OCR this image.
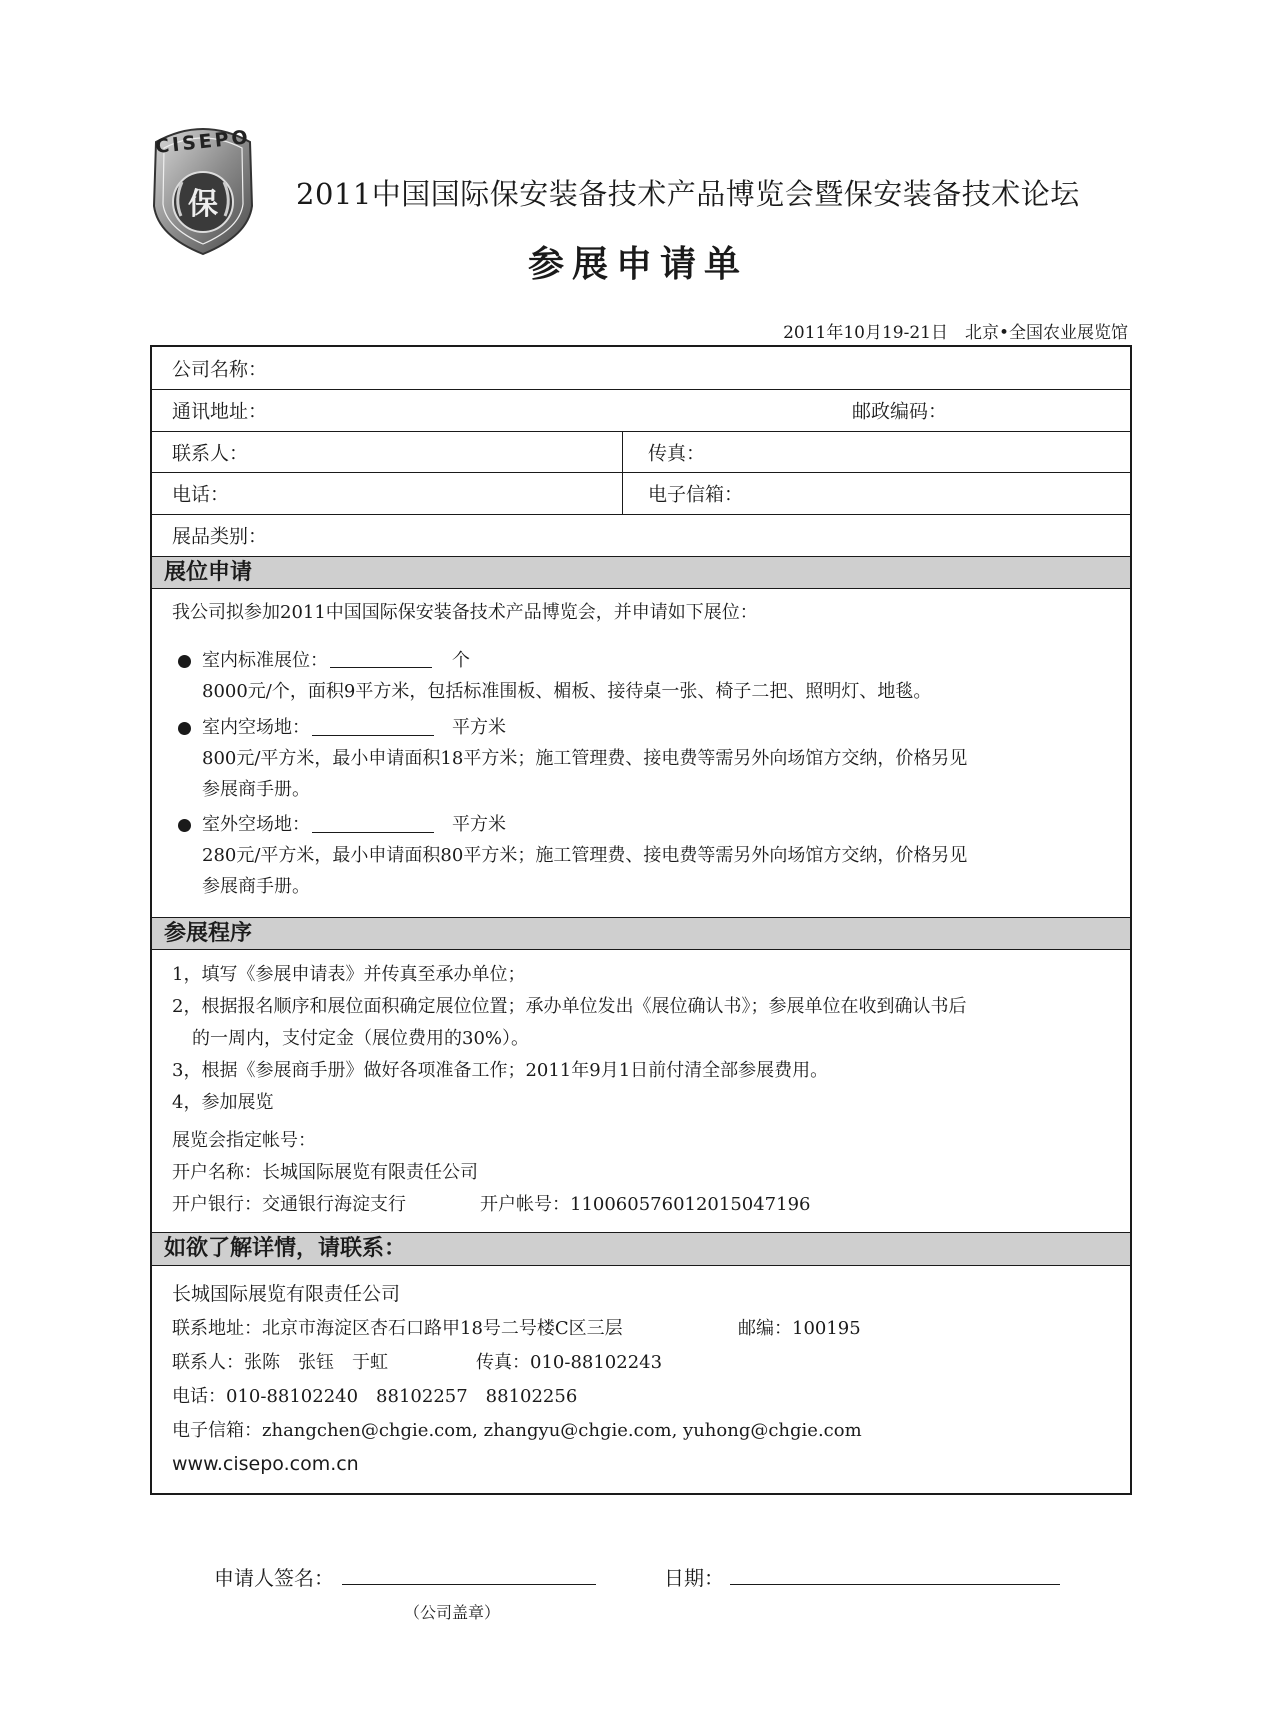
保
CISEPO
2011中国国际保安装备技术产品博览会暨保安装备技术论坛
参展申请单
2011年10月19-21日　北京•全国农业展览馆
公司名称：
通讯地址：	邮政编码：
联系人：	传真：
电话：	电子信箱：
展品类别：
展位申请
我公司拟参加2011中国国际保安装备技术产品博览会，并申请如下展位：
室内标准展位：	个
8000元/个，面积9平方米，包括标准围板、楣板、接待桌一张、椅子二把、照明灯、地毯。
室内空场地：	平方米
800元/平方米，最小申请面积18平方米；施工管理费、接电费等需另外向场馆方交纳，价格另见
参展商手册。
室外空场地：	平方米
280元/平方米，最小申请面积80平方米；施工管理费、接电费等需另外向场馆方交纳，价格另见
参展商手册。
参展程序
1，填写《参展申请表》并传真至承办单位；
2，根据报名顺序和展位面积确定展位位置；承办单位发出《展位确认书》；参展单位在收到确认书后
的一周内，支付定金（展位费用的30%）。
3，根据《参展商手册》做好各项准备工作；2011年9月1日前付清全部参展费用。
4，参加展览
展览会指定帐号：
开户名称：长城国际展览有限责任公司
开户银行：交通银行海淀支行	开户帐号：110060576012015047196
如欲了解详情，请联系：
长城国际展览有限责任公司
联系地址：北京市海淀区杏石口路甲18号二号楼C区三层	邮编：100195
联系人：张陈　张钰　于虹	传真：010-88102243
电话：010-88102240　88102257　88102256
电子信箱：zhangchen@chgie.com, zhangyu@chgie.com, yuhong@chgie.com
www.cisepo.com.cn
申请人签名：	日期：
（公司盖章）
